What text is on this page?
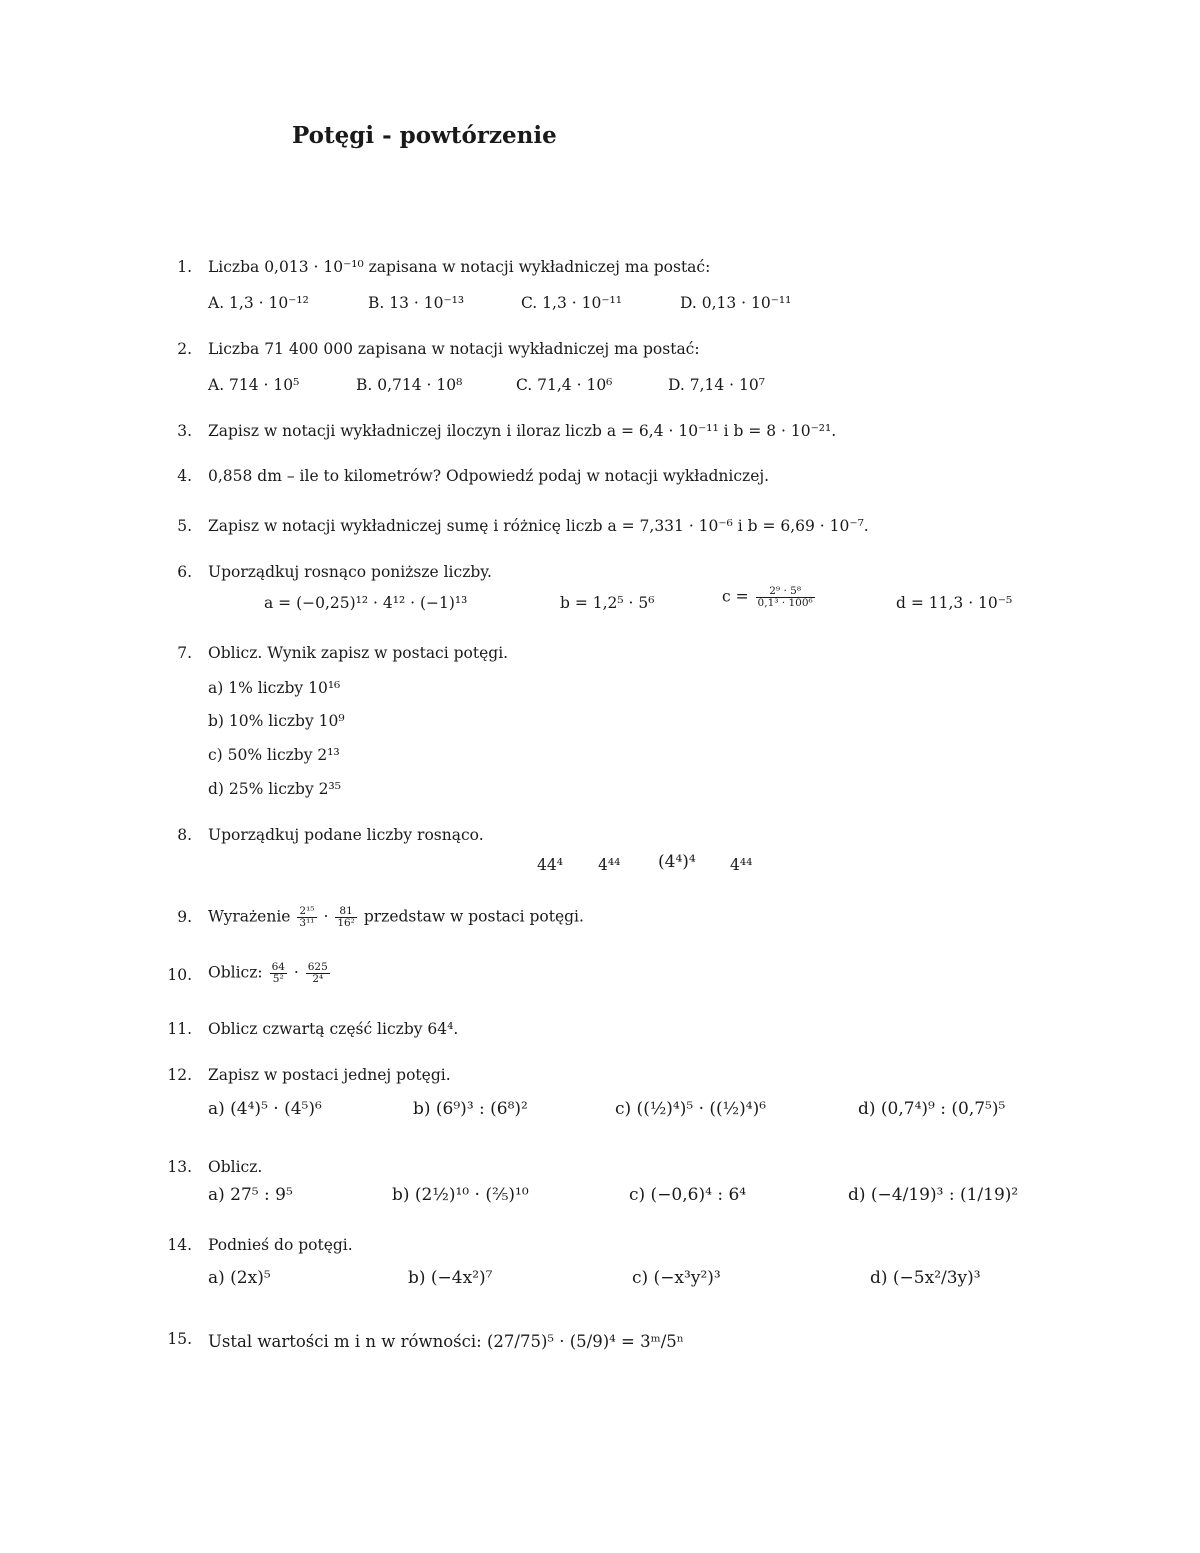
Potęgi - powtórzenie
1. Liczba 0,013 · 10⁻¹⁰ zapisana w notacji wykładniczej ma postać:
A. 1,3 · 10⁻¹²	B. 13 · 10⁻¹³	C. 1,3 · 10⁻¹¹	D. 0,13 · 10⁻¹¹
2. Liczba 71 400 000 zapisana w notacji wykładniczej ma postać:
A. 714 · 10⁵	B. 0,714 · 10⁸	C. 71,4 · 10⁶	D. 7,14 · 10⁷
3. Zapisz w notacji wykładniczej iloczyn i iloraz liczb a = 6,4 · 10⁻¹¹ i b = 8 · 10⁻²¹.
4. 0,858 dm – ile to kilometrów? Odpowiedź podaj w notacji wykładniczej.
5. Zapisz w notacji wykładniczej sumę i różnicę liczb a = 7,331 · 10⁻⁶ i b = 6,69 · 10⁻⁷.
6. Uporządkuj rosnąco poniższe liczby.
a = (−0,25)¹² · 4¹² · (−1)¹³	b = 1,2⁵ · 5⁶	$c = \frac{\text{2⁹ · 5⁸}}{\text{0,1³ · 100⁶}}$	d = 11,3 · 10⁻⁵
7. Oblicz. Wynik zapisz w postaci potęgi.
a) 1% liczby 10¹⁶
b) 10% liczby 10⁹
c) 50% liczby 2¹³
d) 25% liczby 2³⁵
8. Uporządkuj podane liczby rosnąco.
44⁴ 4⁴⁴ (4⁴)⁴ 4⁴⁴
9. Wyrażenie $\frac{\text{2¹⁵}}{\text{3¹¹}} \cdot \frac{81}{\text{16²}}$ przedstaw w postaci potęgi.
10. Oblicz: $\frac{64}{\text{5²}} \cdot \frac{625}{\text{2⁴}}$
11. Oblicz czwartą część liczby 64⁴.
12. Zapisz w postaci jednej potęgi.
a) (4⁴)⁵ · (4⁵)⁶	b) (6⁹)³ : (6⁸)²	c) ((½)⁴)⁵ · ((½)⁴)⁶	d) (0,7⁴)⁹ : (0,7⁵)⁵
13. Oblicz.
a) 27⁵ : 9⁵	b) (2½)¹⁰ · (⅖)¹⁰	c) (−0,6)⁴ : 6⁴	d) (−4/19)³ : (1/19)²
14. Podnieś do potęgi.
a) (2x)⁵	b) (−4x²)⁷	c) (−x³y²)³	d) (−5x²/3y)³
15. Ustal wartości m i n w równości: (27/75)⁵ · (5/9)⁴ = 3ᵐ/5ⁿ
